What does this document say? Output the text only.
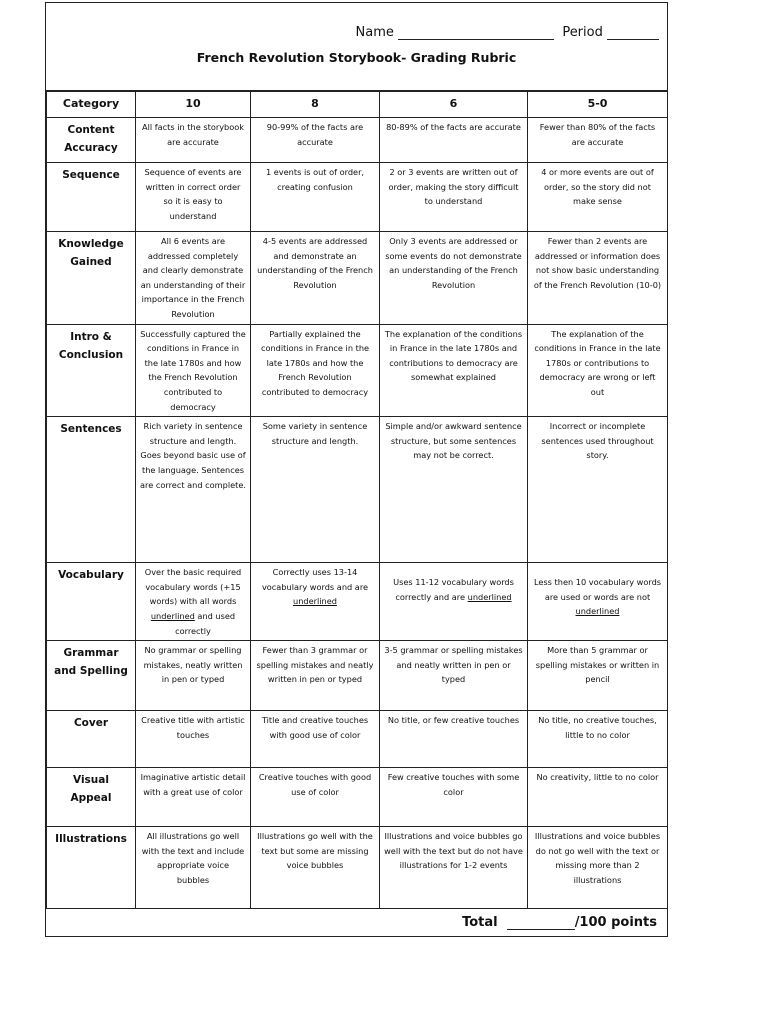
Name	Period
French Revolution Storybook- Grading Rubric
Category	10	8	6	5-0
Content Accuracy	All facts in the storybook are accurate	90-99% of the facts are accurate	80-89% of the facts are accurate	Fewer than 80% of the facts are accurate
Sequence	Sequence of events are written in correct order so it is easy to understand	1 events is out of order, creating confusion	2 or 3 events are written out of order, making the story difficult to understand	4 or more events are out of order, so the story did not make sense
Knowledge Gained	All 6 events are addressed completely and clearly demonstrate an understanding of their importance in the French Revolution	4-5 events are addressed and demonstrate an understanding of the French Revolution	Only 3 events are addressed or some events do not demonstrate an understanding of the French Revolution	Fewer than 2 events are addressed or information does not show basic understanding of the French Revolution (10-0)
Intro & Conclusion	Successfully captured the conditions in France in the late 1780s and how the French Revolution contributed to democracy	Partially explained the conditions in France in the late 1780s and how the French Revolution contributed to democracy	The explanation of the conditions in France in the late 1780s and contributions to democracy are somewhat explained	The explanation of the conditions in France in the late 1780s or contributions to democracy are wrong or left out
Sentences	Rich variety in sentence structure and length. Goes beyond basic use of the language. Sentences are correct and complete.	Some variety in sentence structure and length.	Simple and/or awkward sentence structure, but some sentences may not be correct.	Incorrect or incomplete sentences used throughout story.
Vocabulary	Over the basic required vocabulary words (+15 words) with all words underlined and used correctly	Correctly uses 13-14 vocabulary words and are underlined	Uses 11-12 vocabulary words correctly and are underlined	Less then 10 vocabulary words are used or words are not underlined
Grammar and Spelling	No grammar or spelling mistakes, neatly written in pen or typed	Fewer than 3 grammar or spelling mistakes and neatly written in pen or typed	3-5 grammar or spelling mistakes and neatly written in pen or typed	More than 5 grammar or spelling mistakes or written in pencil
Cover	Creative title with artistic touches	Title and creative touches with good use of color	No title, or few creative touches	No title, no creative touches, little to no color
Visual Appeal	Imaginative artistic detail with a great use of color	Creative touches with good use of color	Few creative touches with some color	No creativity, little to no color
Illustrations	All illustrations go well with the text and include appropriate voice bubbles	Illustrations go well with the text but some are missing voice bubbles	Illustrations and voice bubbles go well with the text but do not have illustrations for 1-2 events	Illustrations and voice bubbles do not go well with the text or missing more than 2 illustrations
Total	/100 points
